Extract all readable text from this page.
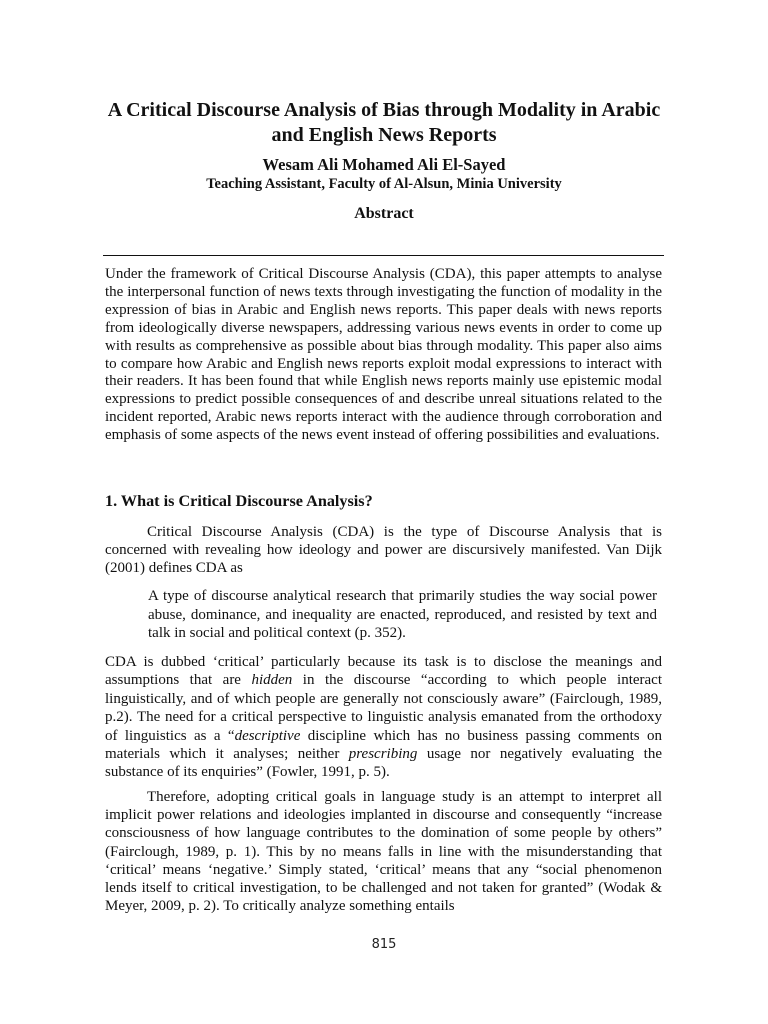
A Critical Discourse Analysis of Bias through Modality in Arabic and English News Reports

Wesam Ali Mohamed Ali El-Sayed

Teaching Assistant, Faculty of Al-Alsun, Minia University

Abstract

Under the framework of Critical Discourse Analysis (CDA), this paper attempts to analyse the interpersonal function of news texts through investigating the function of modality in the expression of bias in Arabic and English news reports. This paper deals with news reports from ideologically diverse newspapers, addressing various news events in order to come up with results as comprehensive as possible about bias through modality. This paper also aims to compare how Arabic and English news reports exploit modal expressions to interact with their readers. It has been found that while English news reports mainly use epistemic modal expressions to predict possible consequences of and describe unreal situations related to the incident reported, Arabic news reports interact with the audience through corroboration and emphasis of some aspects of the news event instead of offering possibilities and evaluations.

1. What is Critical Discourse Analysis?

Critical Discourse Analysis (CDA) is the type of Discourse Analysis that is concerned with revealing how ideology and power are discursively manifested. Van Dijk (2001) defines CDA as

A type of discourse analytical research that primarily studies the way social power abuse, dominance, and inequality are enacted, reproduced, and resisted by text and talk in social and political context (p. 352).

CDA is dubbed ‘critical’ particularly because its task is to disclose the meanings and assumptions that are hidden in the discourse “according to which people interact linguistically, and of which people are generally not consciously aware” (Fairclough, 1989, p.2). The need for a critical perspective to linguistic analysis emanated from the orthodoxy of linguistics as a “descriptive discipline which has no business passing comments on materials which it analyses; neither prescribing usage nor negatively evaluating the substance of its enquiries” (Fowler, 1991, p. 5).

Therefore, adopting critical goals in language study is an attempt to interpret all implicit power relations and ideologies implanted in discourse and consequently “increase consciousness of how language contributes to the domination of some people by others” (Fairclough, 1989, p. 1). This by no means falls in line with the misunderstanding that ‘critical’ means ‘negative.’ Simply stated, ‘critical’ means that any “social phenomenon lends itself to critical investigation, to be challenged and not taken for granted” (Wodak & Meyer, 2009, p. 2). To critically analyze something entails

815
